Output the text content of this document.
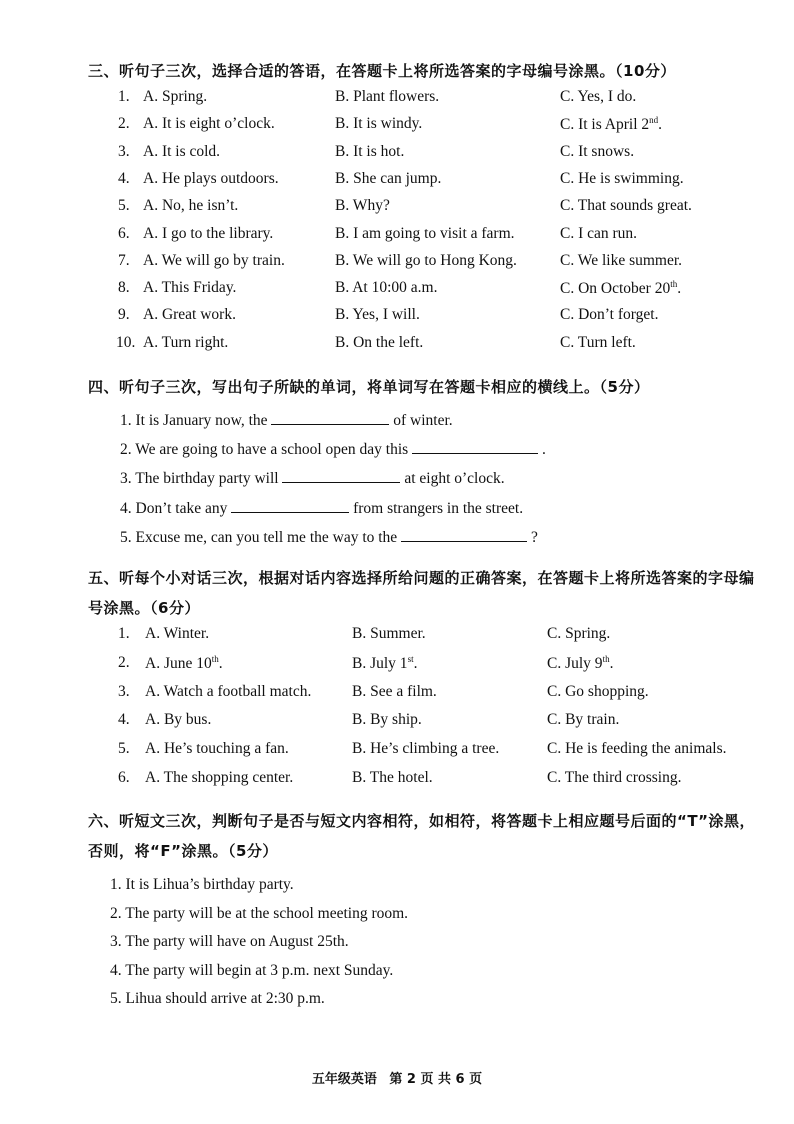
三、听句子三次，选择合适的答语，在答题卡上将所选答案的字母编号涂黑。（10分）
1. A. Spring.	B. Plant flowers.	C. Yes, I do.
2. A. It is eight o’clock.	B. It is windy.	C. It is April 2nd.
3. A. It is cold.	B. It is hot.	C. It snows.
4. A. He plays outdoors.	B. She can jump.	C. He is swimming.
5. A. No, he isn’t.	B. Why?	C. That sounds great.
6. A. I go to the library.	B. I am going to visit a farm.	C. I can run.
7. A. We will go by train.	B. We will go to Hong Kong.	C. We like summer.
8. A. This Friday.	B. At 10:00 a.m.	C. On October 20th.
9. A. Great work.	B. Yes, I will.	C. Don’t forget.
10. A. Turn right.	B. On the left.	C. Turn left.
四、听句子三次，写出句子所缺的单词，将单词写在答题卡相应的横线上。（5分）
1. It is January now, the	of winter.
2. We are going to have a school open day this	.
3. The birthday party will	at eight o’clock.
4. Don’t take any	from strangers in the street.
5. Excuse me, can you tell me the way to the	?
五、听每个小对话三次，根据对话内容选择所给问题的正确答案，在答题卡上将所选答案的字母编号涂黑。（6分）
1. A. Winter.	B. Summer.	C. Spring.
2. A. June 10th.	B. July 1st.	C. July 9th.
3. A. Watch a football match.	B. See a film.	C. Go shopping.
4. A. By bus.	B. By ship.	C. By train.
5. A. He’s touching a fan.	B. He’s climbing a tree.	C. He is feeding the animals.
6. A. The shopping center.	B. The hotel.	C. The third crossing.
六、听短文三次，判断句子是否与短文内容相符，如相符，将答题卡上相应题号后面的“T”涂黑，否则，将“F”涂黑。（5分）
1. It is Lihua’s birthday party.
2. The party will be at the school meeting room.
3. The party will have on August 25th.
4. The party will begin at 3 p.m. next Sunday.
5. Lihua should arrive at 2:30 p.m.
五年级英语 第 2 页 共 6 页
